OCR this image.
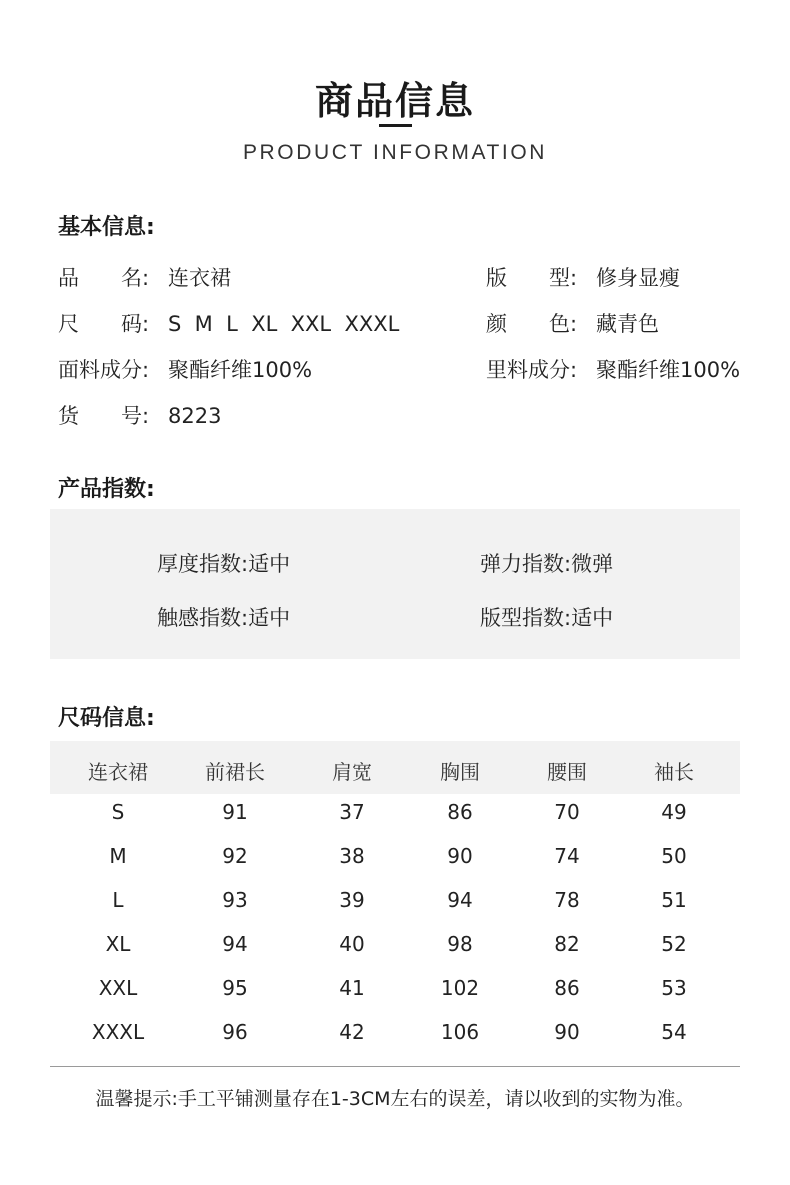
商品信息
PRODUCT INFORMATION
基本信息:
品　　名: 连衣裙	版　　型: 修身显瘦
尺　　码: S  M  L  XL  XXL  XXXL	颜　　色: 藏青色
面料成分: 聚酯纤维100%	里料成分: 聚酯纤维100%
货　　号: 8223
产品指数:
厚度指数:适中	弹力指数:微弹
触感指数:适中	版型指数:适中
尺码信息:
连衣裙	前裙长	肩宽	胸围	腰围	袖长
S	91	37	86	70	49
M	92	38	90	74	50
L	93	39	94	78	51
XL	94	40	98	82	52
XXL	95	41	102	86	53
XXXL	96	42	106	90	54
温馨提示:手工平铺测量存在1-3CM左右的误差，请以收到的实物为准。
